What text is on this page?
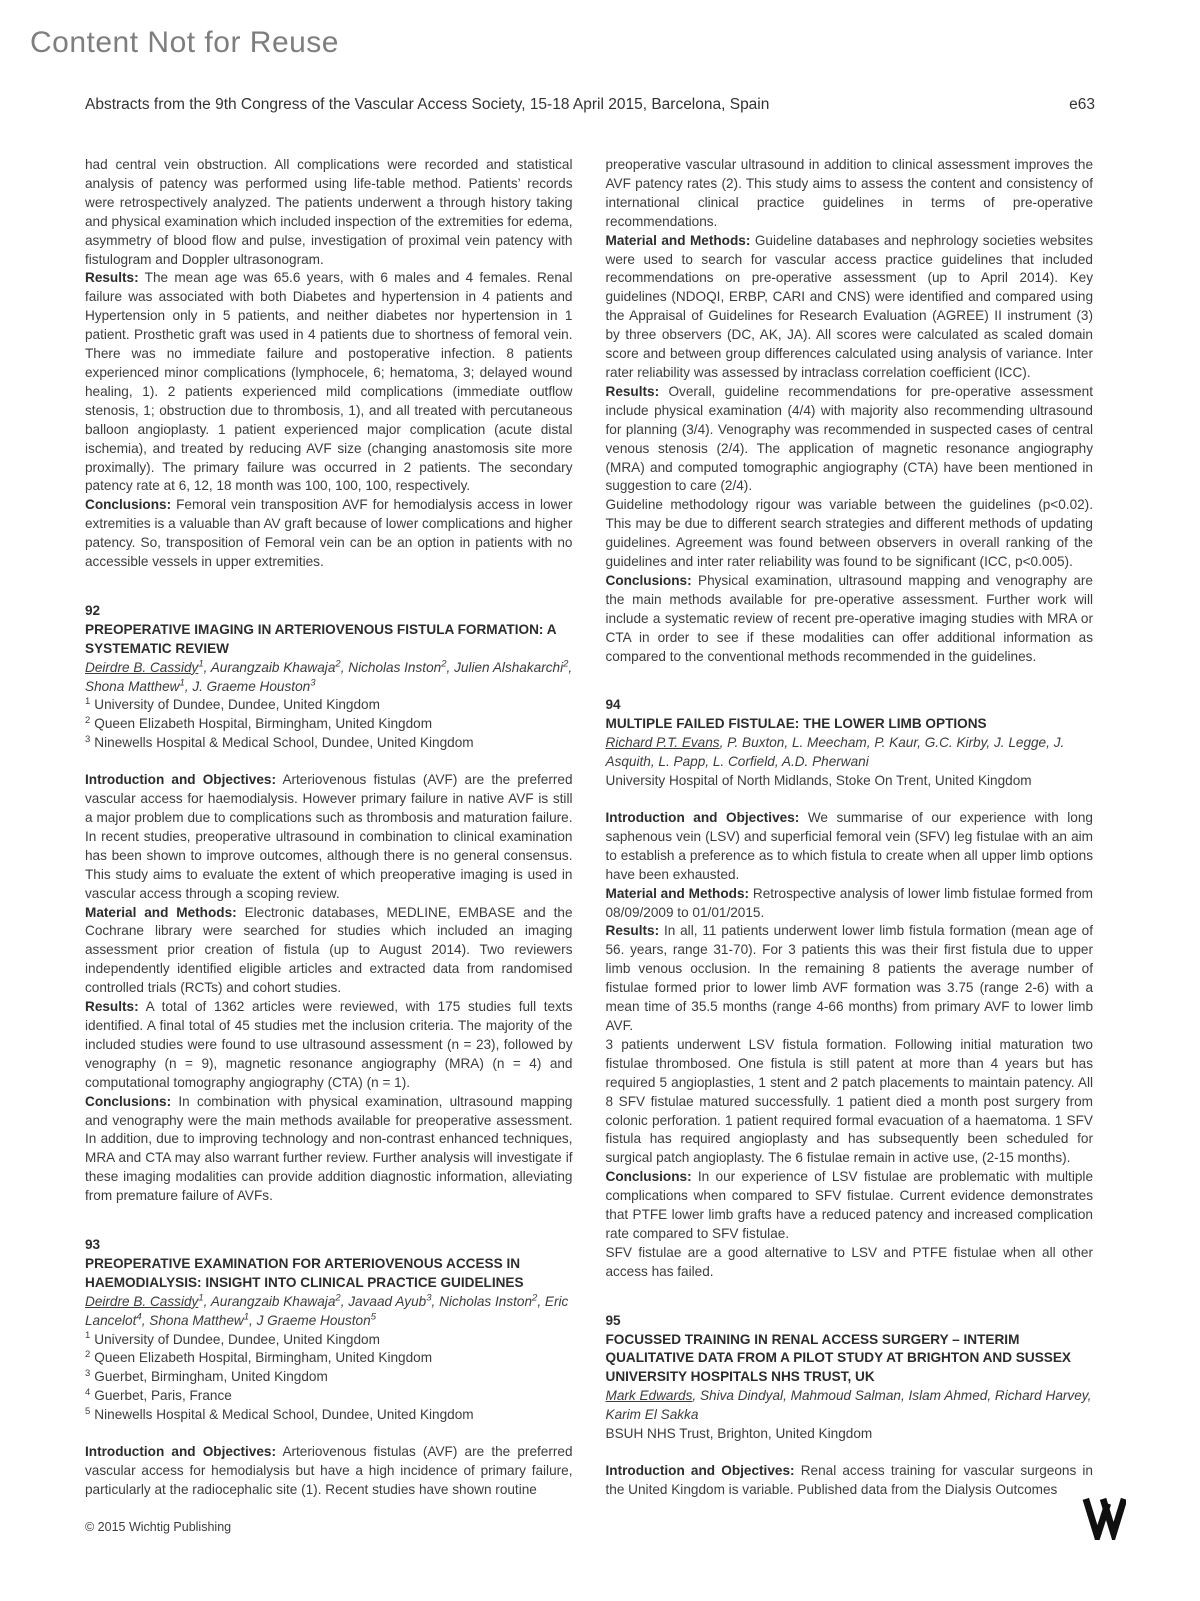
Content Not for Reuse
Abstracts from the 9th Congress of the Vascular Access Society, 15-18 April 2015, Barcelona, Spain	e63

had central vein obstruction. All complications were recorded and statistical analysis of patency was performed using life-table method. Patients’ records were retrospectively analyzed. The patients underwent a through history taking and physical examination which included inspection of the extremities for edema, asymmetry of blood flow and pulse, investigation of proximal vein patency with fistulogram and Doppler ultrasonogram.

Results: The mean age was 65.6 years, with 6 males and 4 females. Renal failure was associated with both Diabetes and hypertension in 4 patients and Hypertension only in 5 patients, and neither diabetes nor hypertension in 1 patient. Prosthetic graft was used in 4 patients due to shortness of femoral vein. There was no immediate failure and postoperative infection. 8 patients experienced minor complications (lymphocele, 6; hematoma, 3; delayed wound healing, 1). 2 patients experienced mild complications (immediate outflow stenosis, 1; obstruction due to thrombosis, 1), and all treated with percutaneous balloon angioplasty. 1 patient experienced major complication (acute distal ischemia), and treated by reducing AVF size (changing anastomosis site more proximally). The primary failure was occurred in 2 patients. The secondary patency rate at 6, 12, 18 month was 100, 100, 100, respectively.

Conclusions: Femoral vein transposition AVF for hemodialysis access in lower extremities is a valuable than AV graft because of lower complications and higher patency. So, transposition of Femoral vein can be an option in patients with no accessible vessels in upper extremities.

92
PREOPERATIVE IMAGING IN ARTERIOVENOUS FISTULA FORMATION: A SYSTEMATIC REVIEW
Deirdre B. Cassidy$^1$, Aurangzaib Khawaja$^2$, Nicholas Inston$^2$, Julien Alshakarchi$^2$, Shona Matthew$^1$, J. Graeme Houston$^3$
$^1$ University of Dundee, Dundee, United Kingdom
$^2$ Queen Elizabeth Hospital, Birmingham, United Kingdom
$^3$ Ninewells Hospital & Medical School, Dundee, United Kingdom

Introduction and Objectives: Arteriovenous fistulas (AVF) are the preferred vascular access for haemodialysis. However primary failure in native AVF is still a major problem due to complications such as thrombosis and maturation failure. In recent studies, preoperative ultrasound in combination to clinical examination has been shown to improve outcomes, although there is no general consensus. This study aims to evaluate the extent of which preoperative imaging is used in vascular access through a scoping review.

Material and Methods: Electronic databases, MEDLINE, EMBASE and the Cochrane library were searched for studies which included an imaging assessment prior creation of fistula (up to August 2014). Two reviewers independently identified eligible articles and extracted data from randomised controlled trials (RCTs) and cohort studies.

Results: A total of 1362 articles were reviewed, with 175 studies full texts identified. A final total of 45 studies met the inclusion criteria. The majority of the included studies were found to use ultrasound assessment (n = 23), followed by venography (n = 9), magnetic resonance angiography (MRA) (n = 4) and computational tomography angiography (CTA) (n = 1).

Conclusions: In combination with physical examination, ultrasound mapping and venography were the main methods available for preoperative assessment. In addition, due to improving technology and non-contrast enhanced techniques, MRA and CTA may also warrant further review. Further analysis will investigate if these imaging modalities can provide addition diagnostic information, alleviating from premature failure of AVFs.

93
PREOPERATIVE EXAMINATION FOR ARTERIOVENOUS ACCESS IN HAEMODIALYSIS: INSIGHT INTO CLINICAL PRACTICE GUIDELINES
Deirdre B. Cassidy$^1$, Aurangzaib Khawaja$^2$, Javaad Ayub$^3$, Nicholas Inston$^2$, Eric Lancelot$^4$, Shona Matthew$^1$, J Graeme Houston$^5$
$^1$ University of Dundee, Dundee, United Kingdom
$^2$ Queen Elizabeth Hospital, Birmingham, United Kingdom
$^3$ Guerbet, Birmingham, United Kingdom
$^4$ Guerbet, Paris, France
$^5$ Ninewells Hospital & Medical School, Dundee, United Kingdom

Introduction and Objectives: Arteriovenous fistulas (AVF) are the preferred vascular access for hemodialysis but have a high incidence of primary failure, particularly at the radiocephalic site (1). Recent studies have shown routine

preoperative vascular ultrasound in addition to clinical assessment improves the AVF patency rates (2). This study aims to assess the content and consistency of international clinical practice guidelines in terms of pre-operative recommendations.

Material and Methods: Guideline databases and nephrology societies websites were used to search for vascular access practice guidelines that included recommendations on pre-operative assessment (up to April 2014). Key guidelines (NDOQI, ERBP, CARI and CNS) were identified and compared using the Appraisal of Guidelines for Research Evaluation (AGREE) II instrument (3) by three observers (DC, AK, JA). All scores were calculated as scaled domain score and between group differences calculated using analysis of variance. Inter rater reliability was assessed by intraclass correlation coefficient (ICC).

Results: Overall, guideline recommendations for pre-operative assessment include physical examination (4/4) with majority also recommending ultrasound for planning (3/4). Venography was recommended in suspected cases of central venous stenosis (2/4). The application of magnetic resonance angiography (MRA) and computed tomographic angiography (CTA) have been mentioned in suggestion to care (2/4).

Guideline methodology rigour was variable between the guidelines (p<0.02). This may be due to different search strategies and different methods of updating guidelines. Agreement was found between observers in overall ranking of the guidelines and inter rater reliability was found to be significant (ICC, p<0.005).

Conclusions: Physical examination, ultrasound mapping and venography are the main methods available for pre-operative assessment. Further work will include a systematic review of recent pre-operative imaging studies with MRA or CTA in order to see if these modalities can offer additional information as compared to the conventional methods recommended in the guidelines.

94
MULTIPLE FAILED FISTULAE: THE LOWER LIMB OPTIONS
Richard P.T. Evans, P. Buxton, L. Meecham, P. Kaur, G.C. Kirby, J. Legge, J. Asquith, L. Papp, L. Corfield, A.D. Pherwani
University Hospital of North Midlands, Stoke On Trent, United Kingdom

Introduction and Objectives: We summarise of our experience with long saphenous vein (LSV) and superficial femoral vein (SFV) leg fistulae with an aim to establish a preference as to which fistula to create when all upper limb options have been exhausted.

Material and Methods: Retrospective analysis of lower limb fistulae formed from 08/09/2009 to 01/01/2015.

Results: In all, 11 patients underwent lower limb fistula formation (mean age of 56. years, range 31-70). For 3 patients this was their first fistula due to upper limb venous occlusion. In the remaining 8 patients the average number of fistulae formed prior to lower limb AVF formation was 3.75 (range 2-6) with a mean time of 35.5 months (range 4-66 months) from primary AVF to lower limb AVF.

3 patients underwent LSV fistula formation. Following initial maturation two fistulae thrombosed. One fistula is still patent at more than 4 years but has required 5 angioplasties, 1 stent and 2 patch placements to maintain patency. All 8 SFV fistulae matured successfully. 1 patient died a month post surgery from colonic perforation. 1 patient required formal evacuation of a haematoma. 1 SFV fistula has required angioplasty and has subsequently been scheduled for surgical patch angioplasty. The 6 fistulae remain in active use, (2-15 months).

Conclusions: In our experience of LSV fistulae are problematic with multiple complications when compared to SFV fistulae. Current evidence demonstrates that PTFE lower limb grafts have a reduced patency and increased complication rate compared to SFV fistulae.

SFV fistulae are a good alternative to LSV and PTFE fistulae when all other access has failed.

95
FOCUSSED TRAINING IN RENAL ACCESS SURGERY – INTERIM QUALITATIVE DATA FROM A PILOT STUDY AT BRIGHTON AND SUSSEX UNIVERSITY HOSPITALS NHS TRUST, UK
Mark Edwards, Shiva Dindyal, Mahmoud Salman, Islam Ahmed, Richard Harvey, Karim El Sakka
BSUH NHS Trust, Brighton, United Kingdom

Introduction and Objectives: Renal access training for vascular surgeons in the United Kingdom is variable. Published data from the Dialysis Outcomes

© 2015 Wichtig Publishing
